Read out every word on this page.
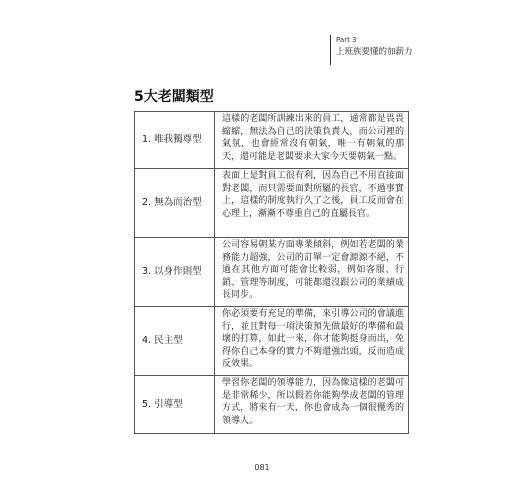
Part 3
上班族要懂的加薪力
5大老闆類型
1. 唯我獨尊型	這樣的老闆所訓練出來的員工，通常都是畏畏縮縮，無法為自己的決策負責人，而公司裡的氣氛，也會經常沒有朝氣，唯一有朝氣的那天，還可能是老闆要求大家今天要朝氣一點。
2. 無為而治型	表面上是對員工很有利，因為自己不用直接面對老闆，而只需要面對所屬的長官，不過事實上，這樣的制度執行久了之後，員工反而會在心理上，漸漸不尊重自己的直屬長官。
3. 以身作則型	公司容易朝某方面專業傾斜，例如若老闆的業務能力超強，公司的訂單一定會源源不絕，不過在其他方面可能會比較弱，例如客服、行銷、管理等制度，可能都還沒跟公司的業績成長同步。
4. 民主型	你必須要有充足的準備，來引導公司的會議進行，並且對每一項決策預先做最好的準備和最壞的打算，如此一來，你才能夠挺身而出，免得你自己本身的實力不夠還強出頭，反而造成反效果。
5. 引導型	學習你老闆的領導能力，因為像這樣的老闆可是非常稀少，所以假若你能夠學成老闆的管理方式，將來有一天，你也會成為一個很優秀的領導人。
081
